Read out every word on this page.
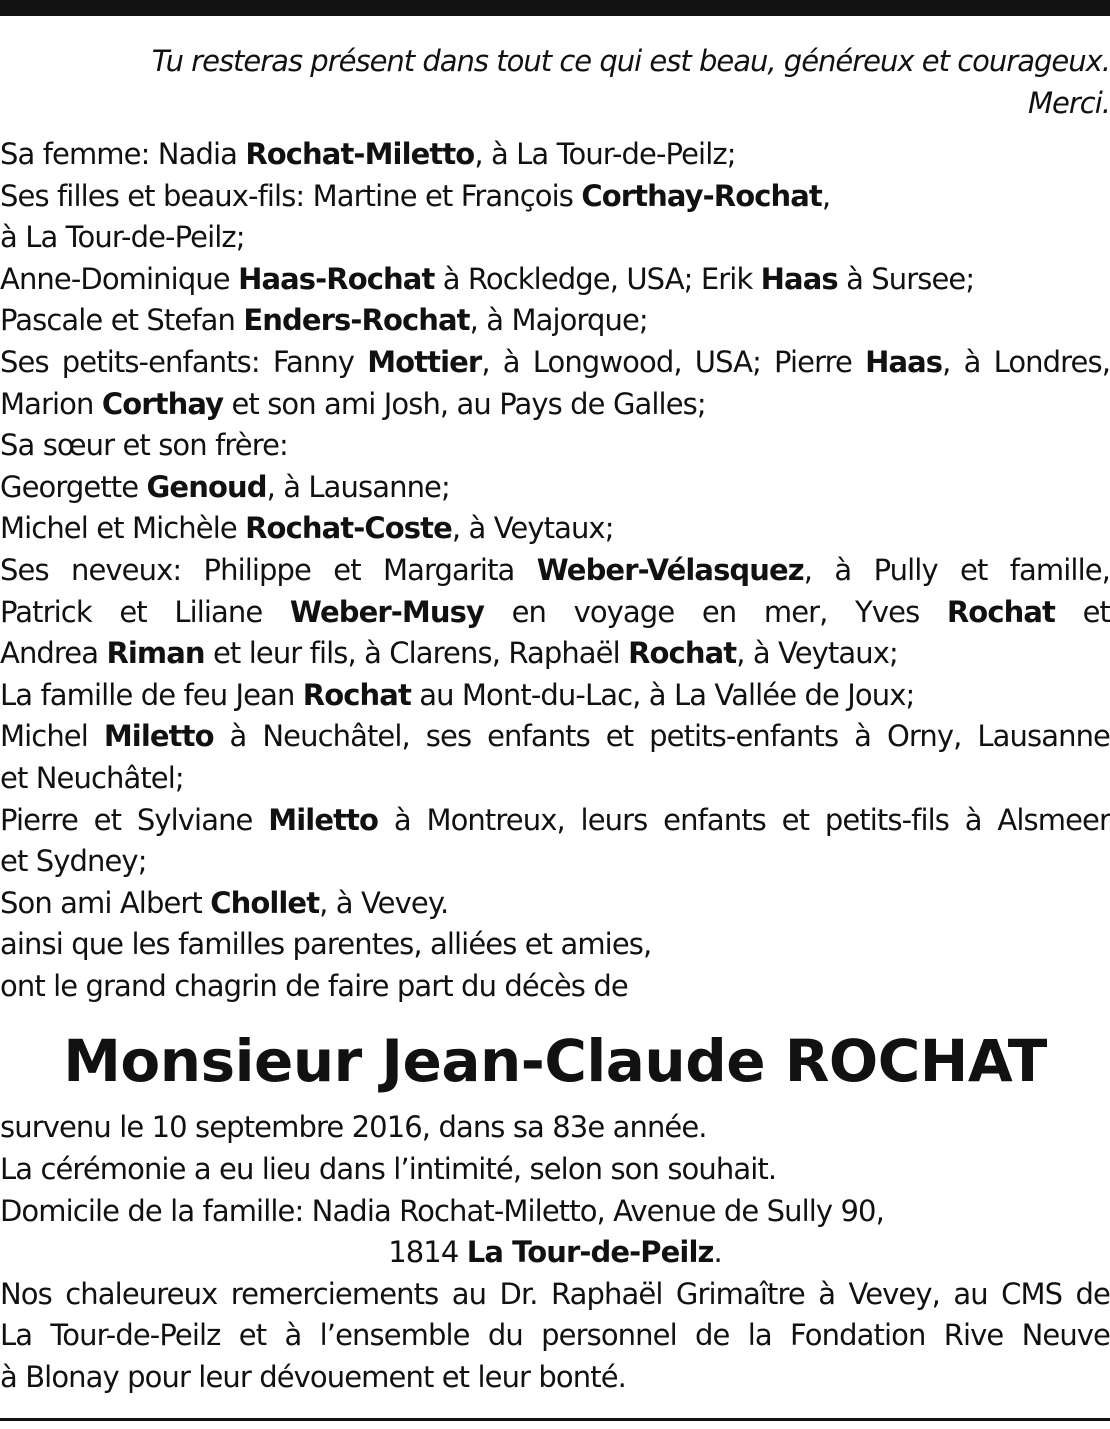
Tu resteras présent dans tout ce qui est beau, généreux et courageux.
Merci.
Sa femme: Nadia Rochat-Miletto, à La Tour-de-Peilz;
Ses filles et beaux-fils: Martine et François Corthay-Rochat,
à La Tour-de-Peilz;
Anne-Dominique Haas-Rochat à Rockledge, USA; Erik Haas à Sursee;
Pascale et Stefan Enders-Rochat, à Majorque;
Ses petits-enfants: Fanny Mottier, à Longwood, USA; Pierre Haas, à Londres,
Marion Corthay et son ami Josh, au Pays de Galles;
Sa sœur et son frère:
Georgette Genoud, à Lausanne;
Michel et Michèle Rochat-Coste, à Veytaux;
Ses neveux: Philippe et Margarita Weber-Vélasquez, à Pully et famille,
Patrick et Liliane Weber-Musy en voyage en mer, Yves Rochat et
Andrea Riman et leur fils, à Clarens, Raphaël Rochat, à Veytaux;
La famille de feu Jean Rochat au Mont-du-Lac, à La Vallée de Joux;
Michel Miletto à Neuchâtel, ses enfants et petits-enfants à Orny, Lausanne
et Neuchâtel;
Pierre et Sylviane Miletto à Montreux, leurs enfants et petits-fils à Alsmeer
et Sydney;
Son ami Albert Chollet, à Vevey.
ainsi que les familles parentes, alliées et amies,
ont le grand chagrin de faire part du décès de
Monsieur Jean-Claude ROCHAT
survenu le 10 septembre 2016, dans sa 83e année.
La cérémonie a eu lieu dans l’intimité, selon son souhait.
Domicile de la famille: Nadia Rochat-Miletto, Avenue de Sully 90,
1814 La Tour-de-Peilz.
Nos chaleureux remerciements au Dr. Raphaël Grimaître à Vevey, au CMS de
La Tour-de-Peilz et à l’ensemble du personnel de la Fondation Rive Neuve
à Blonay pour leur dévouement et leur bonté.
